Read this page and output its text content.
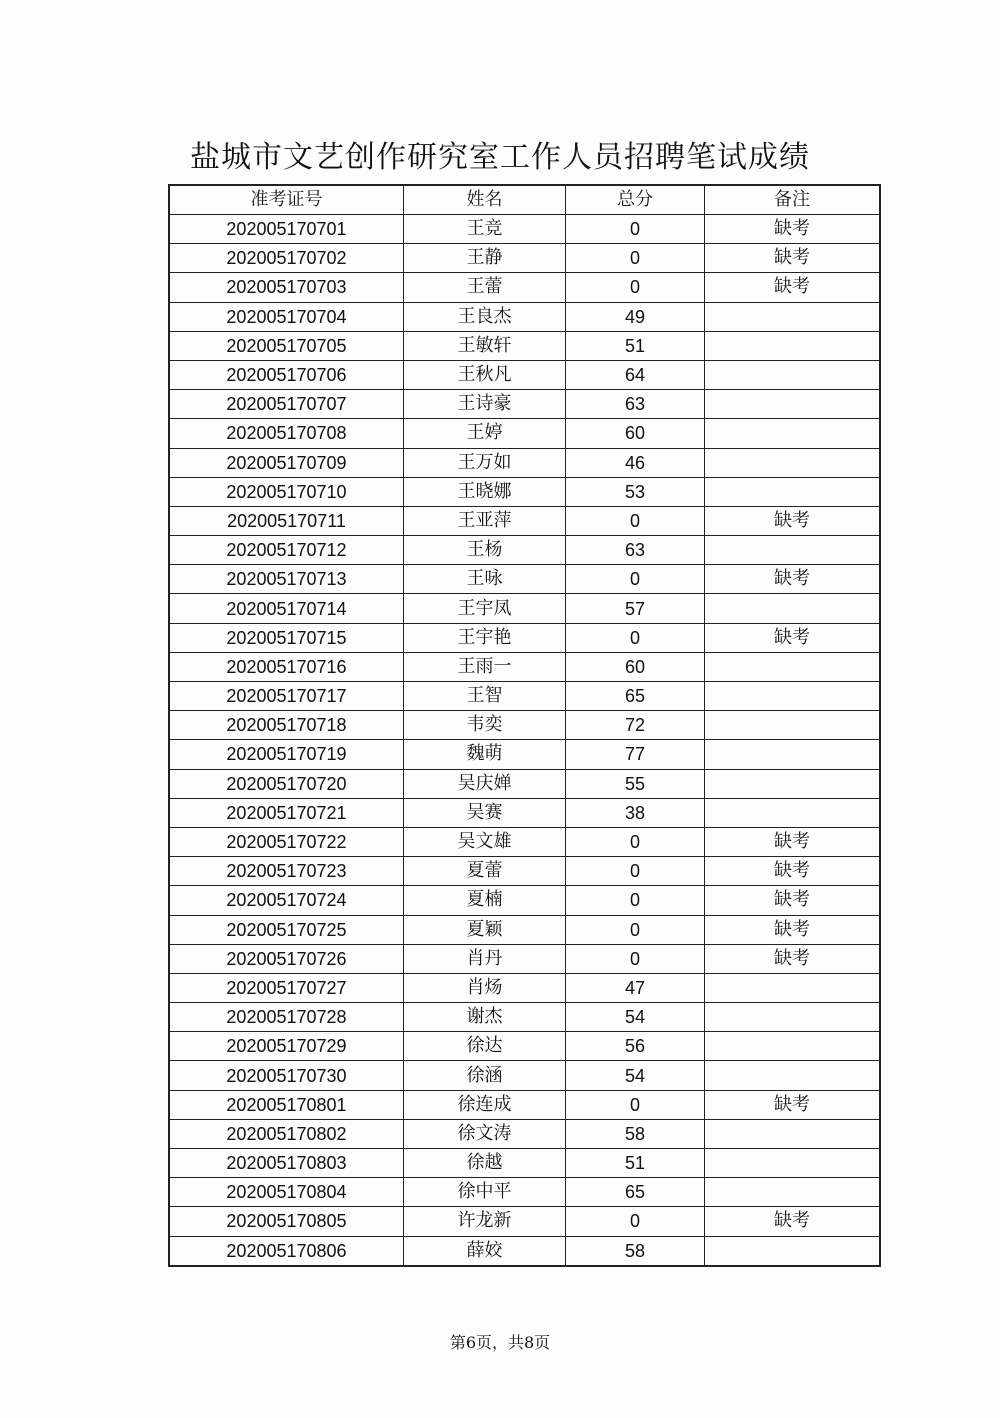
盐城市文艺创作研究室工作人员招聘笔试成绩
准考证号	姓名	总分	备注
202005170701	王竞	0	缺考
202005170702	王静	0	缺考
202005170703	王蕾	0	缺考
202005170704	王良杰	49	
202005170705	王敏轩	51	
202005170706	王秋凡	64	
202005170707	王诗豪	63	
202005170708	王婷	60	
202005170709	王万如	46	
202005170710	王晓娜	53	
202005170711	王亚萍	0	缺考
202005170712	王杨	63	
202005170713	王咏	0	缺考
202005170714	王宇凤	57	
202005170715	王宇艳	0	缺考
202005170716	王雨一	60	
202005170717	王智	65	
202005170718	韦奕	72	
202005170719	魏萌	77	
202005170720	吴庆婵	55	
202005170721	吴赛	38	
202005170722	吴文雄	0	缺考
202005170723	夏蕾	0	缺考
202005170724	夏楠	0	缺考
202005170725	夏颖	0	缺考
202005170726	肖丹	0	缺考
202005170727	肖炀	47	
202005170728	谢杰	54	
202005170729	徐达	56	
202005170730	徐涵	54	
202005170801	徐连成	0	缺考
202005170802	徐文涛	58	
202005170803	徐越	51	
202005170804	徐中平	65	
202005170805	许龙新	0	缺考
202005170806	薛姣	58	
第6页，共8页
